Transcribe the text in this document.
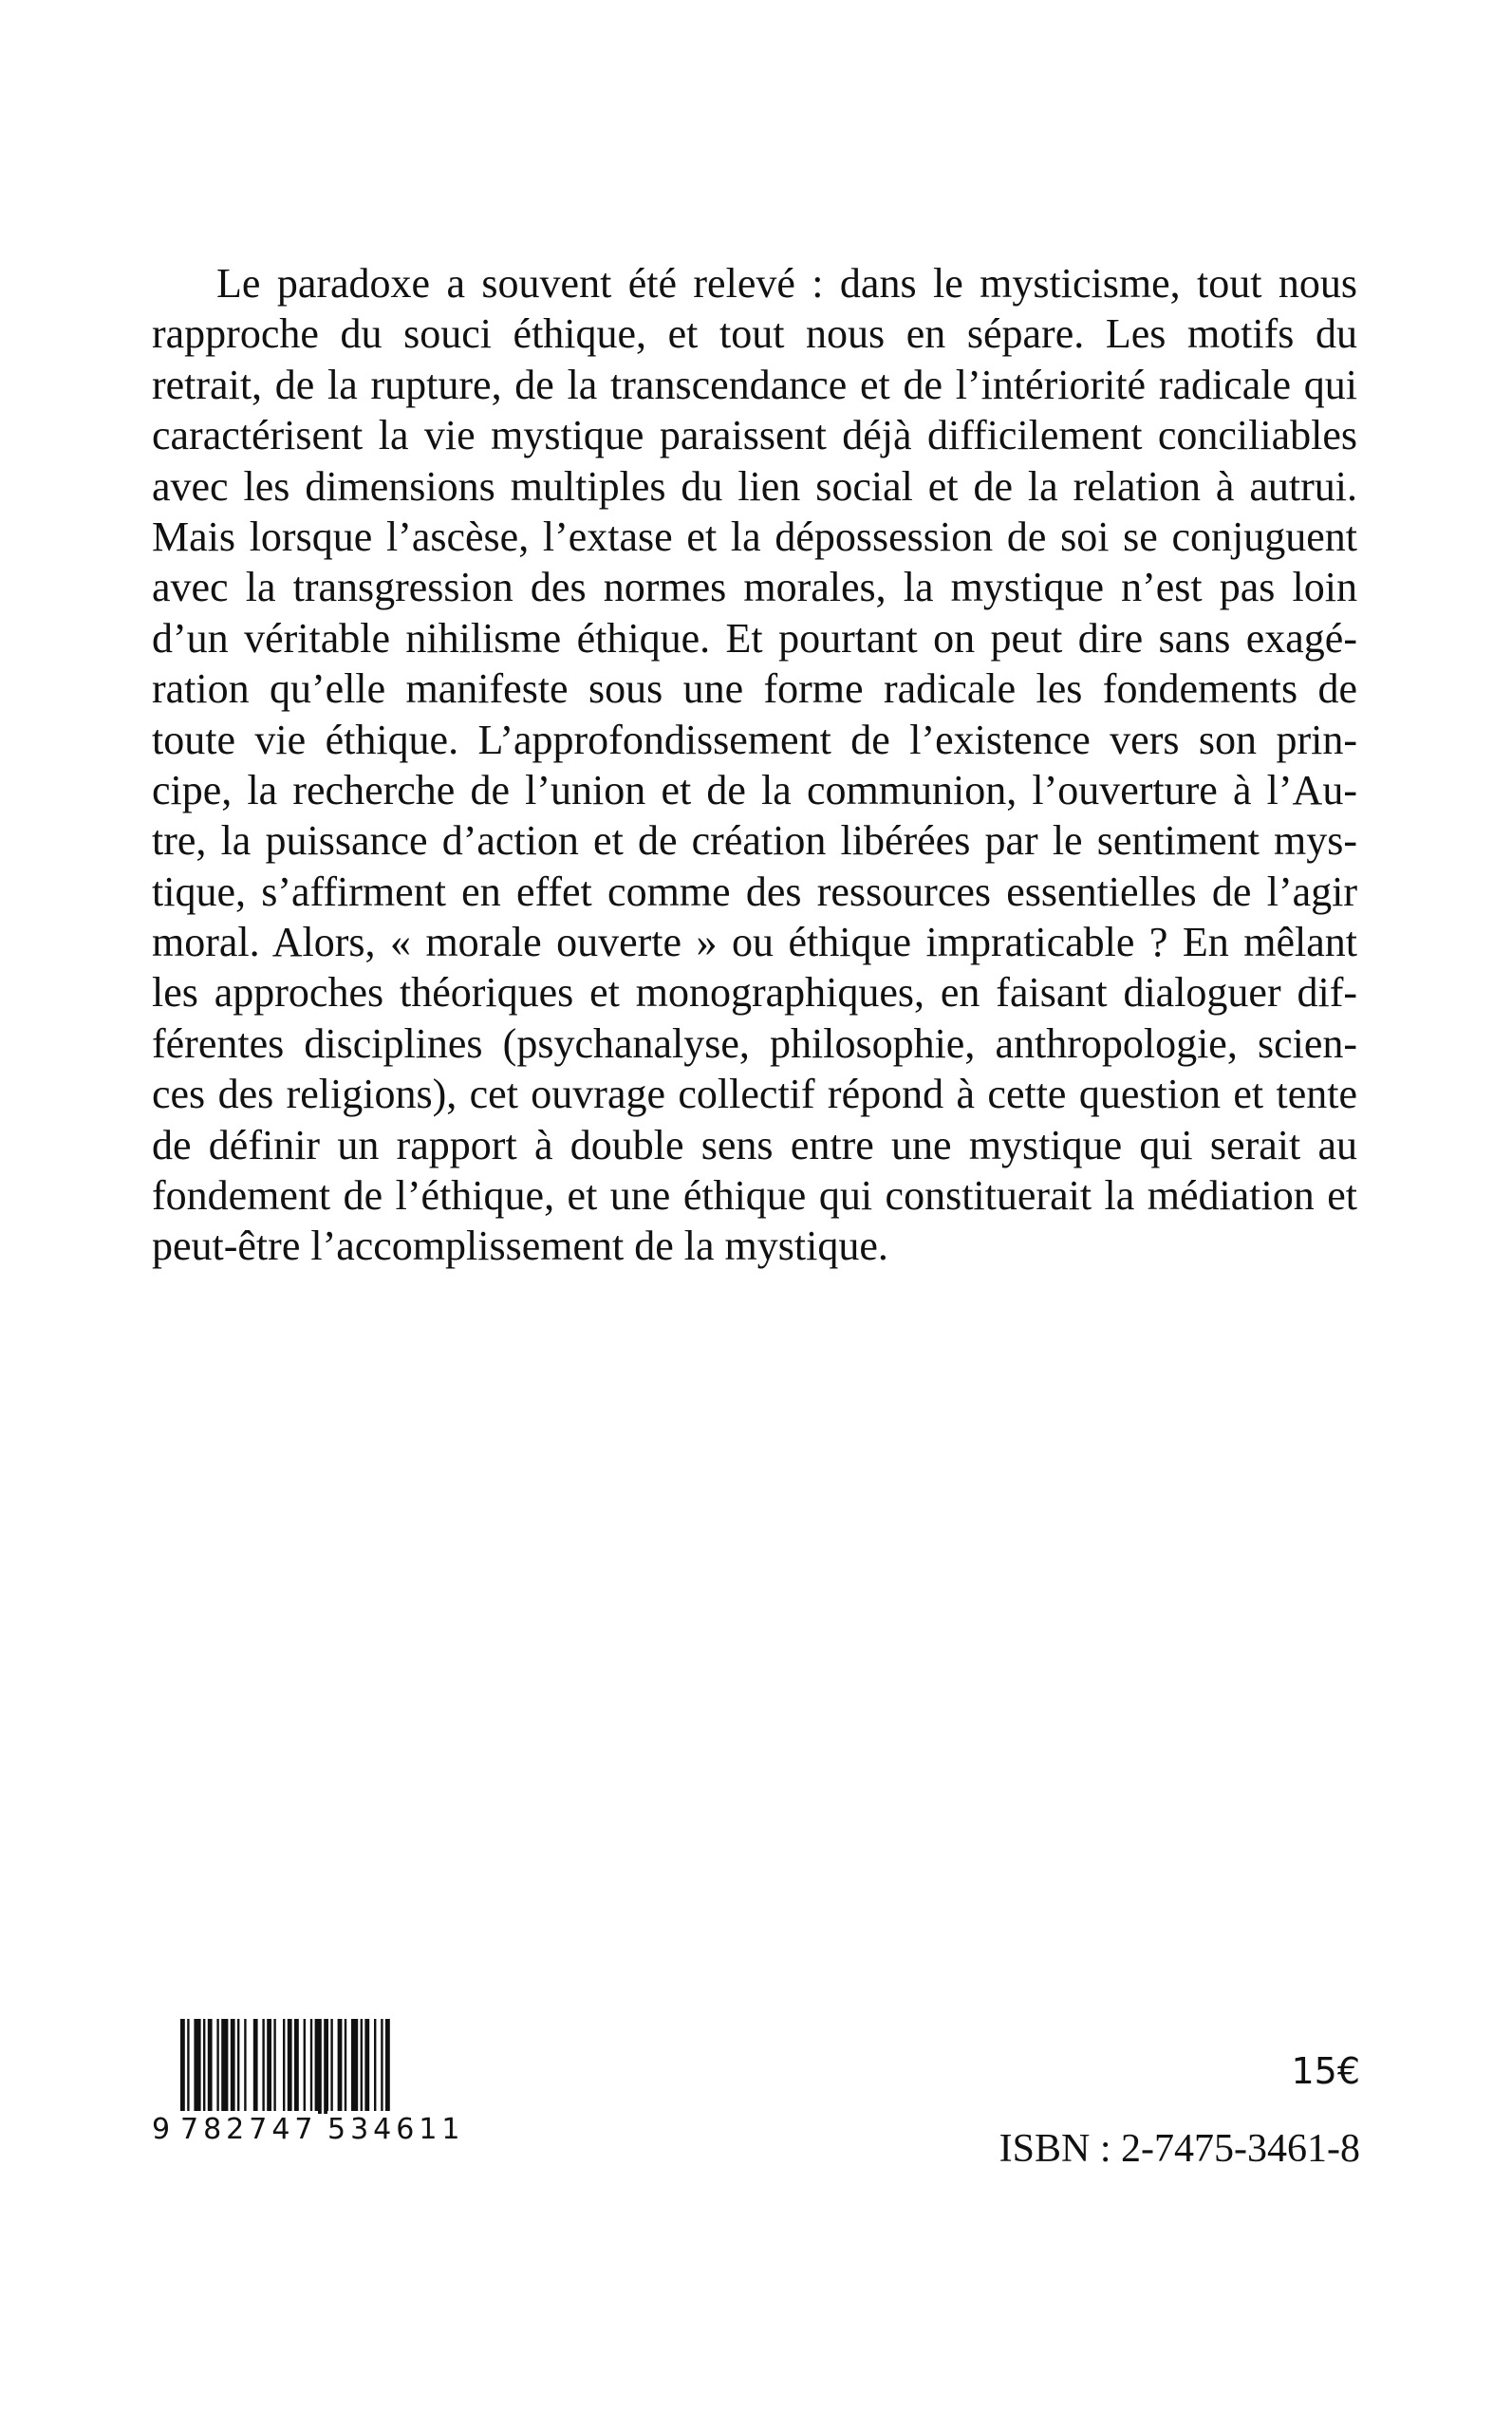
Le paradoxe a souvent été relevé : dans le mysticisme, tout nous
rapproche du souci éthique, et tout nous en sépare. Les motifs du
retrait, de la rupture, de la transcendance et de l’intériorité radicale qui
caractérisent la vie mystique paraissent déjà difficilement conciliables
avec les dimensions multiples du lien social et de la relation à autrui.
Mais lorsque l’ascèse, l’extase et la dépossession de soi se conjuguent
avec la transgression des normes morales, la mystique n’est pas loin
d’un véritable nihilisme éthique. Et pourtant on peut dire sans exagé-
ration qu’elle manifeste sous une forme radicale les fondements de
toute vie éthique. L’approfondissement de l’existence vers son prin-
cipe, la recherche de l’union et de la communion, l’ouverture à l’Au-
tre, la puissance d’action et de création libérées par le sentiment mys-
tique, s’affirment en effet comme des ressources essentielles de l’agir
moral. Alors, « morale ouverte » ou éthique impraticable ? En mêlant
les approches théoriques et monographiques, en faisant dialoguer dif-
férentes disciplines (psychanalyse, philosophie, anthropologie, scien-
ces des religions), cet ouvrage collectif répond à cette question et tente
de définir un rapport à double sens entre une mystique qui serait au
fondement de l’éthique, et une éthique qui constituerait la médiation et
peut-être l’accomplissement de la mystique.
9 782747 534611
15€
ISBN : 2-7475-3461-8
